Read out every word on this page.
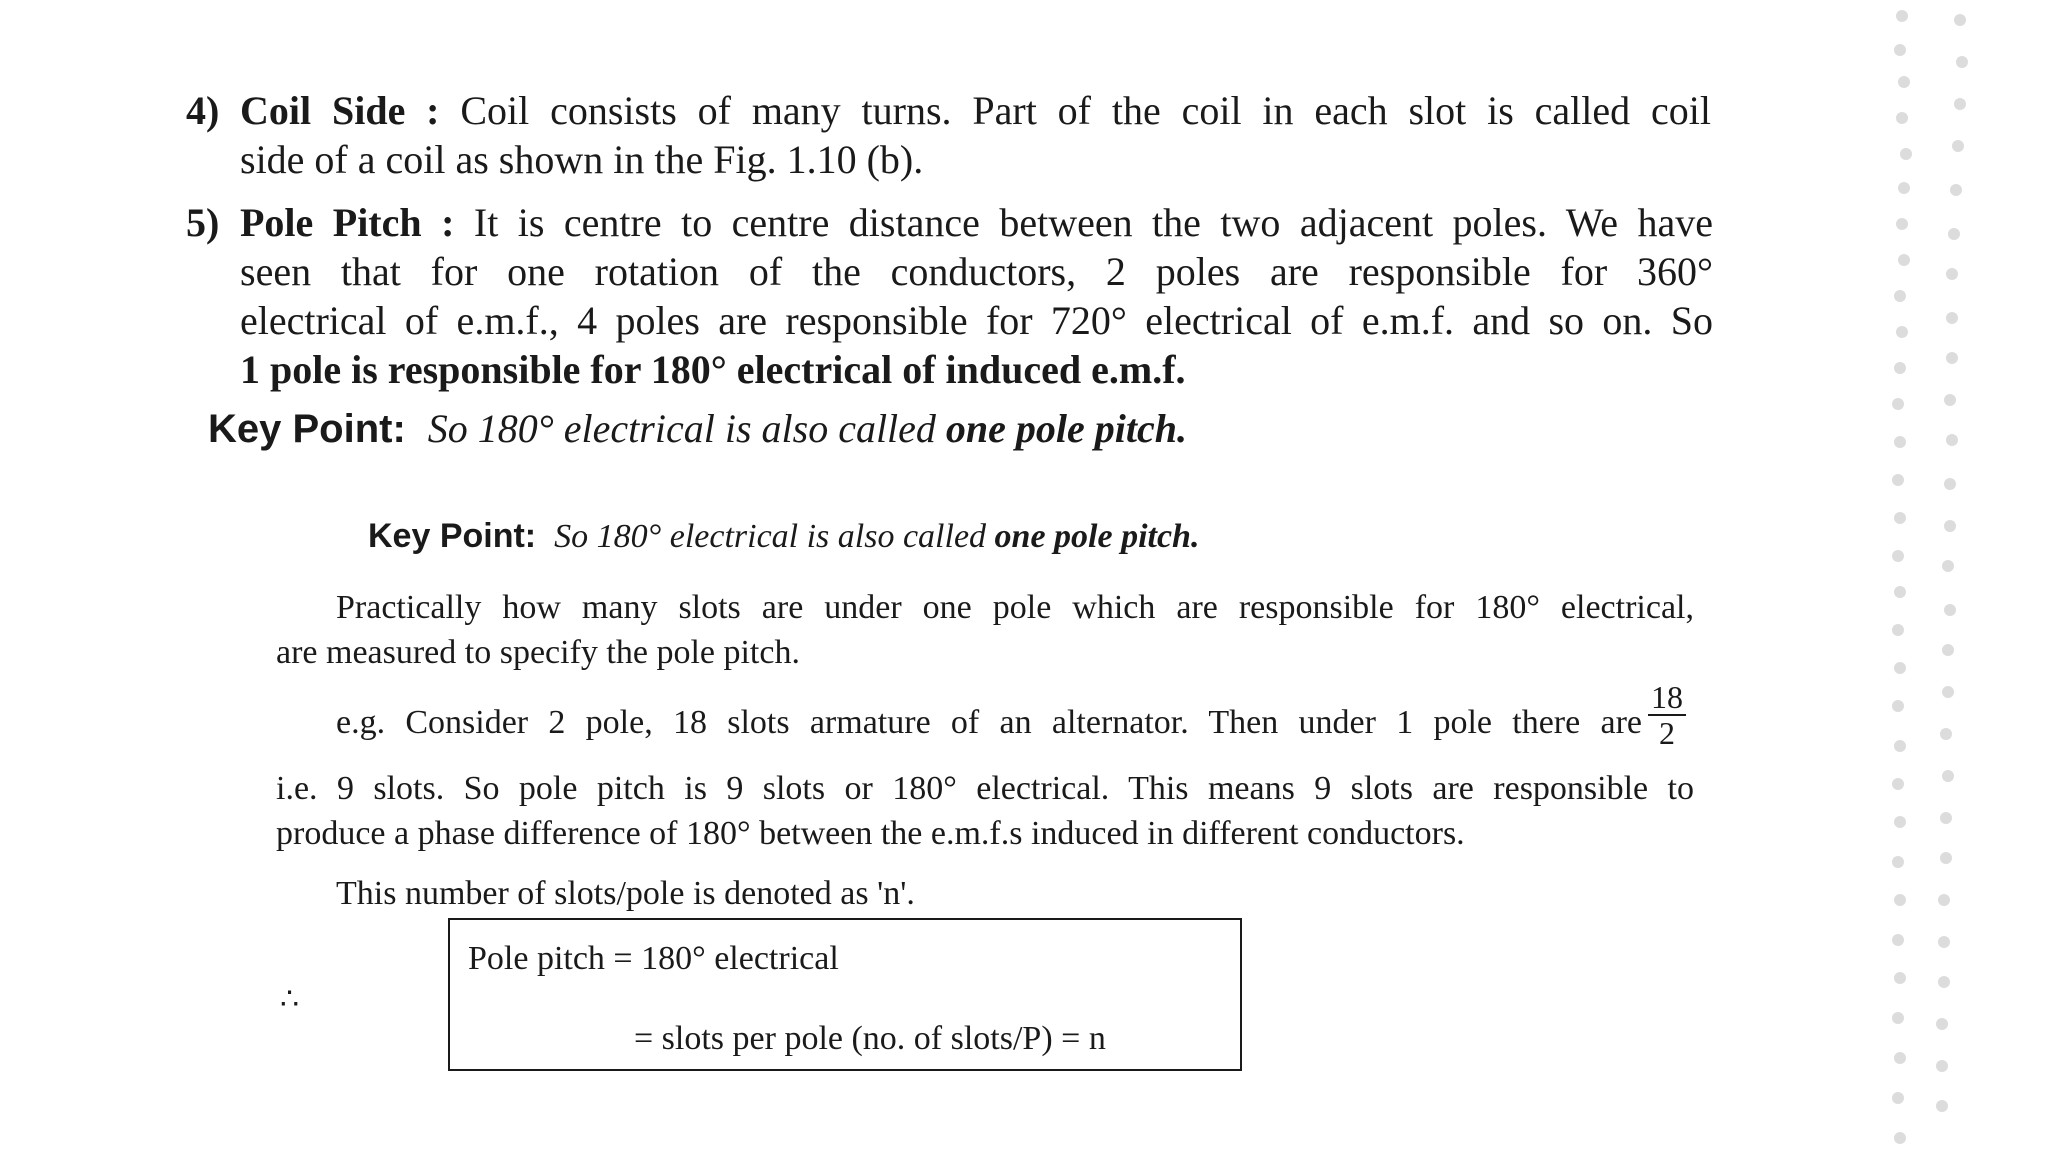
4) Coil Side : Coil consists of many turns. Part of the coil in each slot is called coil
side of a coil as shown in the Fig. 1.10 (b).
5) Pole Pitch : It is centre to centre distance between the two adjacent poles. We have
seen that for one rotation of the conductors, 2 poles are responsible for 360°
electrical of e.m.f., 4 poles are responsible for 720° electrical of e.m.f. and so on. So
1 pole is responsible for 180° electrical of induced e.m.f.
Key Point: So 180° electrical is also called one pole pitch.
Key Point: So 180° electrical is also called one pole pitch.
Practically how many slots are under one pole which are responsible for 180° electrical,
are measured to specify the pole pitch.
e.g. Consider 2 pole, 18 slots armature of an alternator. Then under 1 pole there are $\frac{18}{2}$
i.e. 9 slots. So pole pitch is 9 slots or 180° electrical. This means 9 slots are responsible to
produce a phase difference of 180° between the e.m.f.s induced in different conductors.
This number of slots/pole is denoted as 'n'.
∴
Pole pitch = 180° electrical
= slots per pole (no. of slots/P) = n
